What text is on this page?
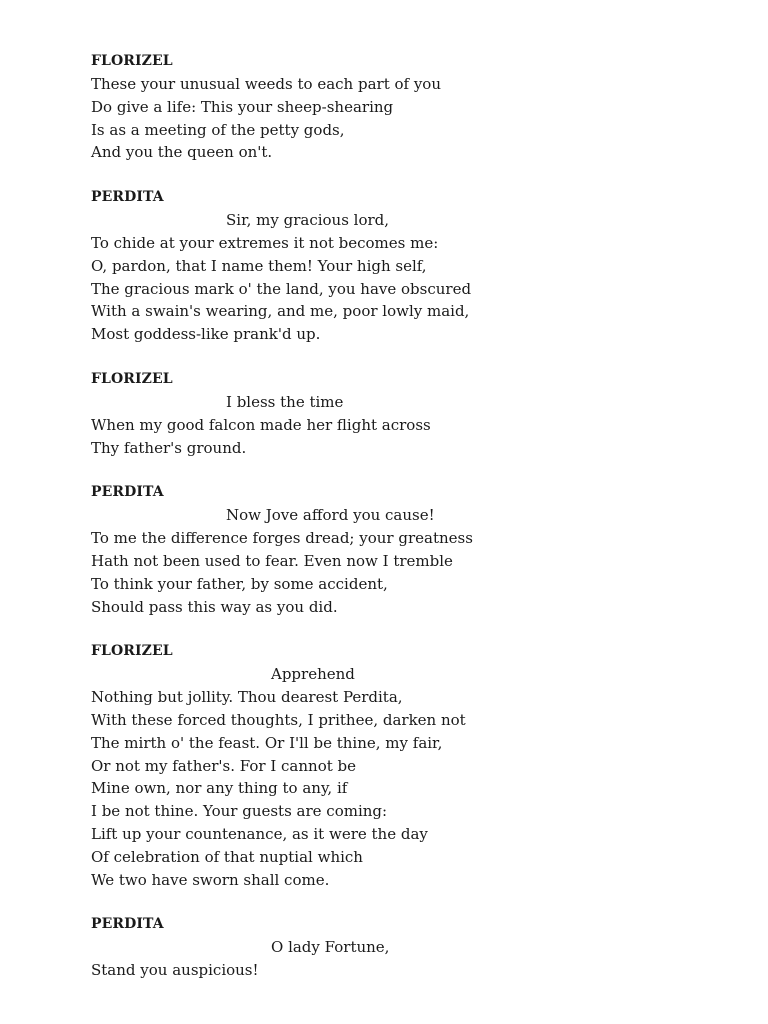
FLORIZEL
These your unusual weeds to each part of you
Do give a life: This your sheep-shearing
Is as a meeting of the petty gods,
And you the queen on't.
PERDITA
Sir, my gracious lord,
To chide at your extremes it not becomes me:
O, pardon, that I name them! Your high self,
The gracious mark o' the land, you have obscured
With a swain's wearing, and me, poor lowly maid,
Most goddess-like prank'd up.
FLORIZEL
I bless the time
When my good falcon made her flight across
Thy father's ground.
PERDITA
Now Jove afford you cause!
To me the difference forges dread; your greatness
Hath not been used to fear. Even now I tremble
To think your father, by some accident,
Should pass this way as you did.
FLORIZEL
Apprehend
Nothing but jollity. Thou dearest Perdita,
With these forced thoughts, I prithee, darken not
The mirth o' the feast. Or I'll be thine, my fair,
Or not my father's. For I cannot be
Mine own, nor any thing to any, if
I be not thine. Your guests are coming:
Lift up your countenance, as it were the day
Of celebration of that nuptial which
We two have sworn shall come.
PERDITA
O lady Fortune,
Stand you auspicious!
